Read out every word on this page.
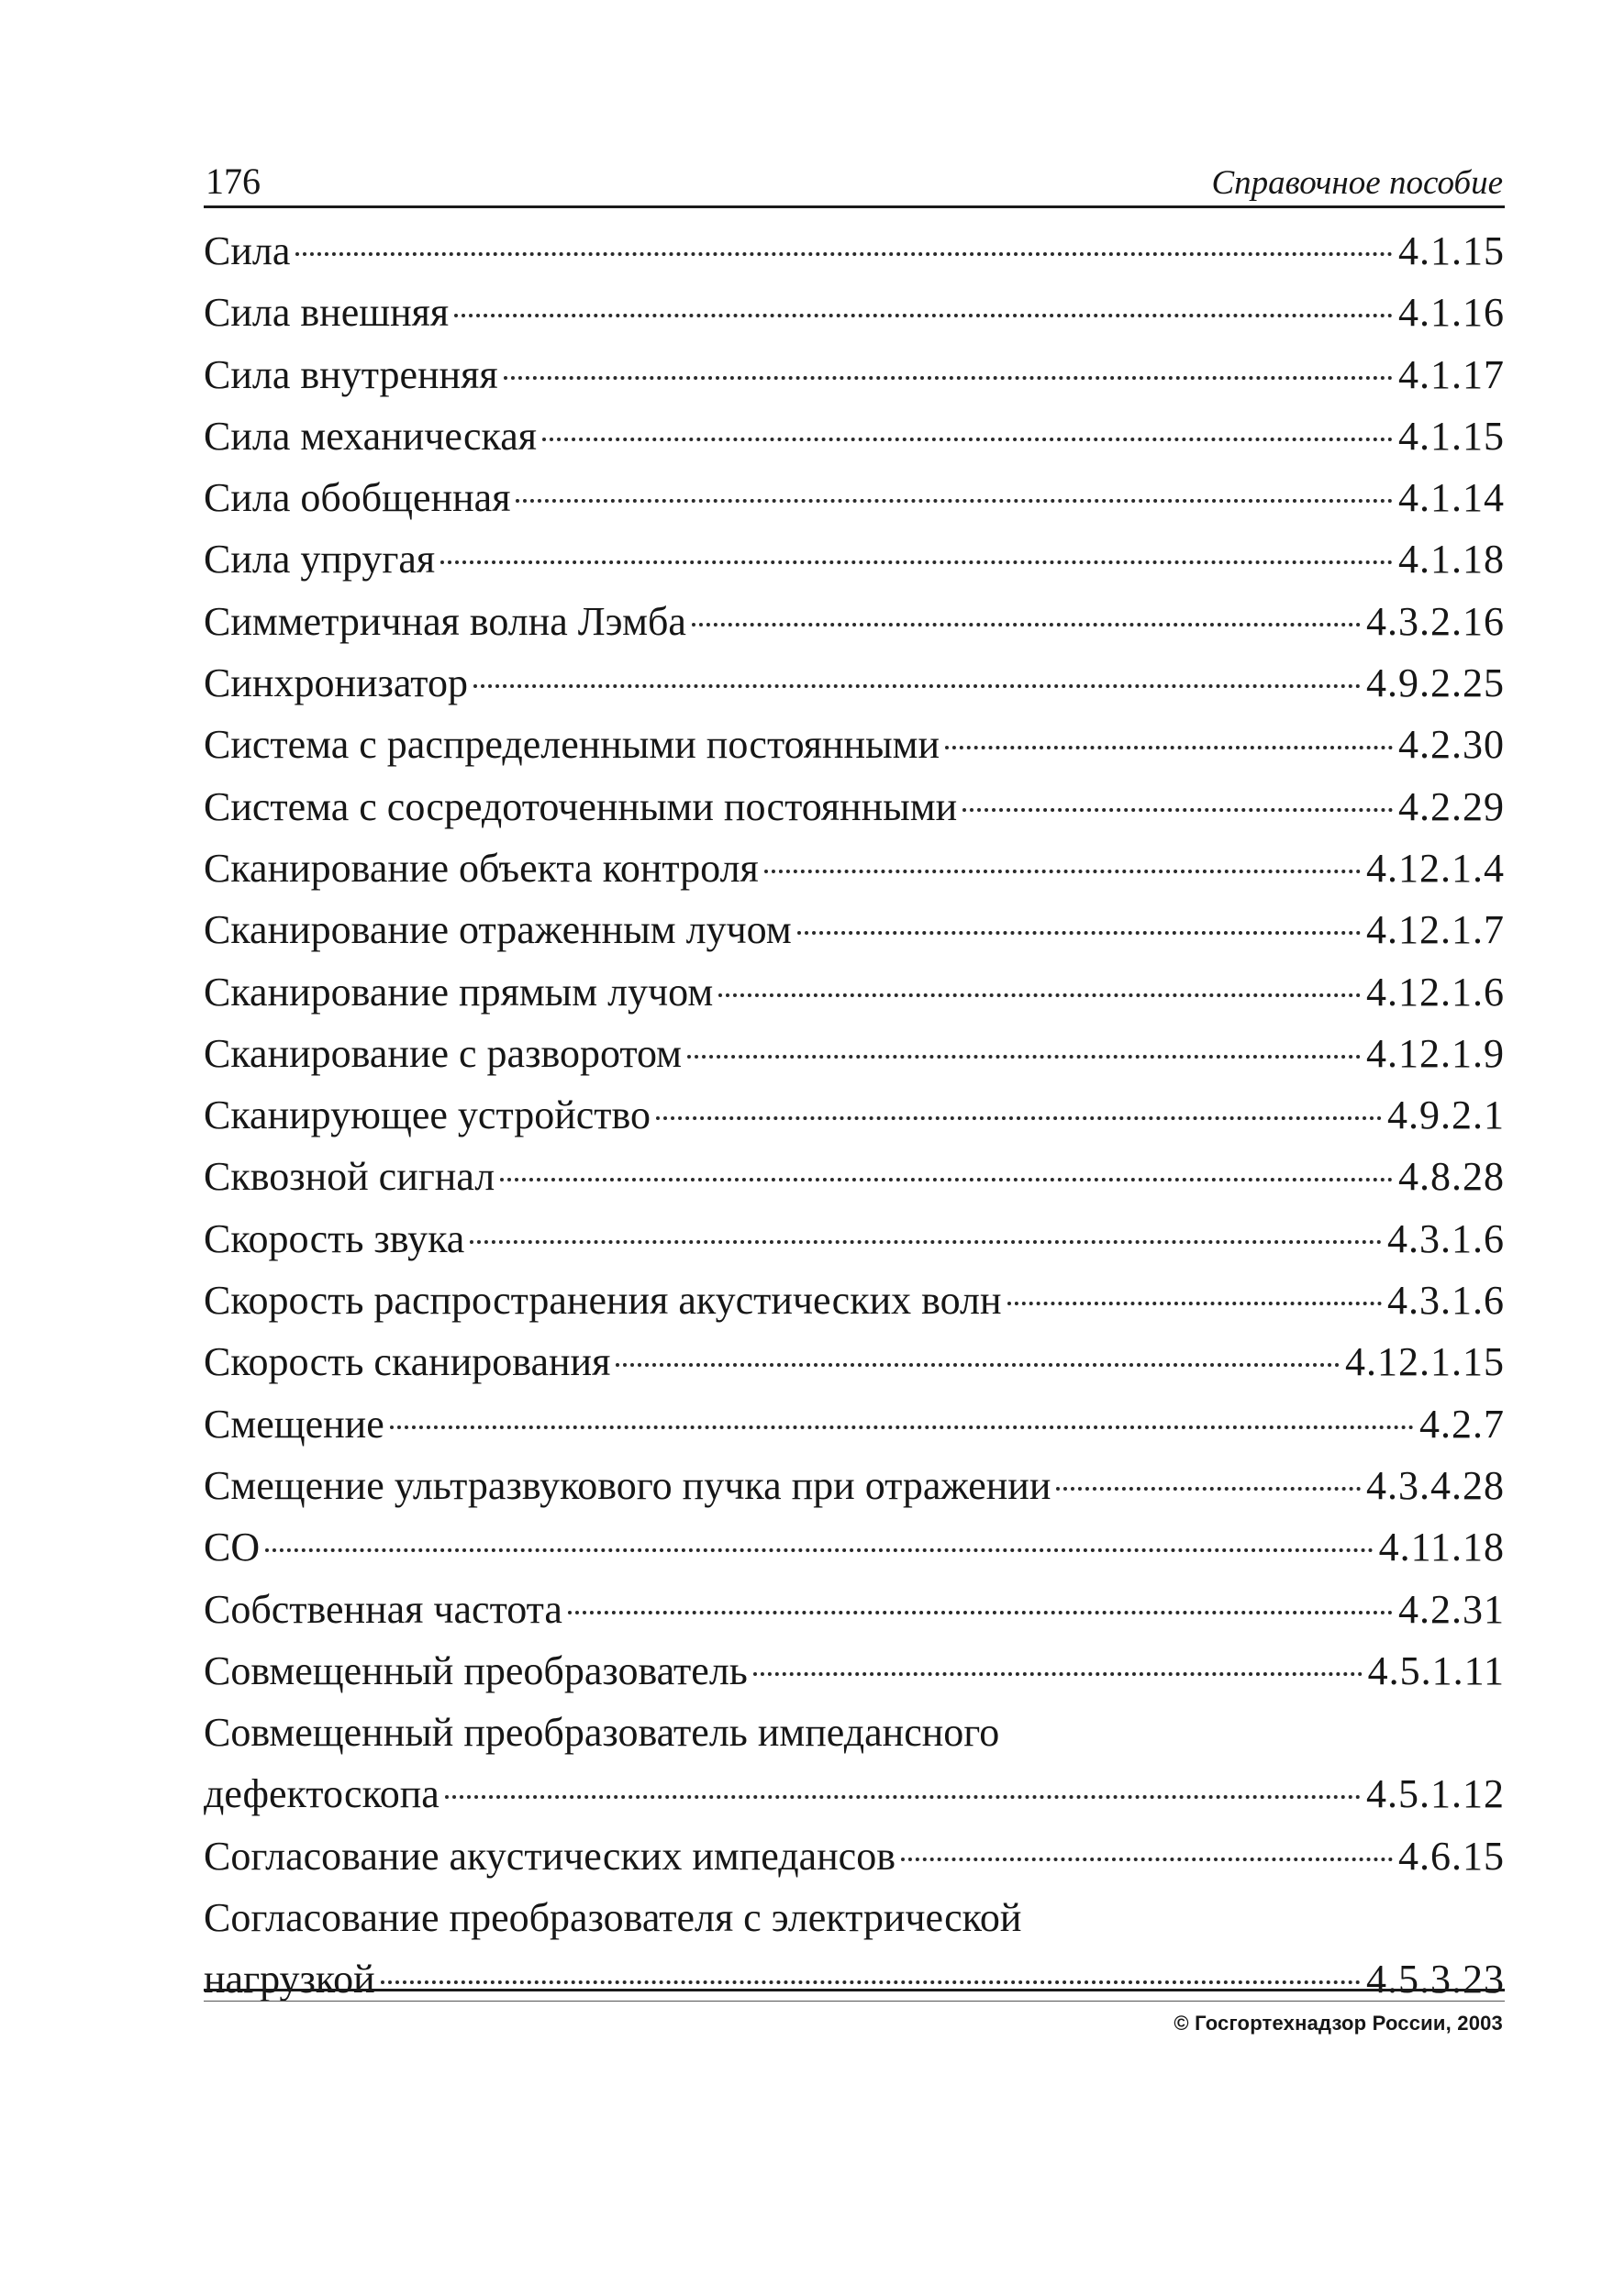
176	Справочное пособие
Сила	4.1.15
Сила внешняя	4.1.16
Сила внутренняя	4.1.17
Сила механическая	4.1.15
Сила обобщенная	4.1.14
Сила упругая	4.1.18
Симметричная волна Лэмба	4.3.2.16
Синхронизатор	4.9.2.25
Система с распределенными постоянными	4.2.30
Система с сосредоточенными постоянными	4.2.29
Сканирование объекта контроля	4.12.1.4
Сканирование отраженным лучом	4.12.1.7
Сканирование прямым лучом	4.12.1.6
Сканирование с разворотом	4.12.1.9
Сканирующее устройство	4.9.2.1
Сквозной сигнал	4.8.28
Скорость звука	4.3.1.6
Скорость распространения акустических волн	4.3.1.6
Скорость сканирования	4.12.1.15
Смещение	4.2.7
Смещение ультразвукового пучка при отражении	4.3.4.28
СО	4.11.18
Собственная частота	4.2.31
Совмещенный преобразователь	4.5.1.11
Совмещенный преобразователь импедансного
дефектоскопа	4.5.1.12
Согласование акустических импедансов	4.6.15
Согласование преобразователя с электрической
нагрузкой	4.5.3.23
© Госгортехнадзор России, 2003
